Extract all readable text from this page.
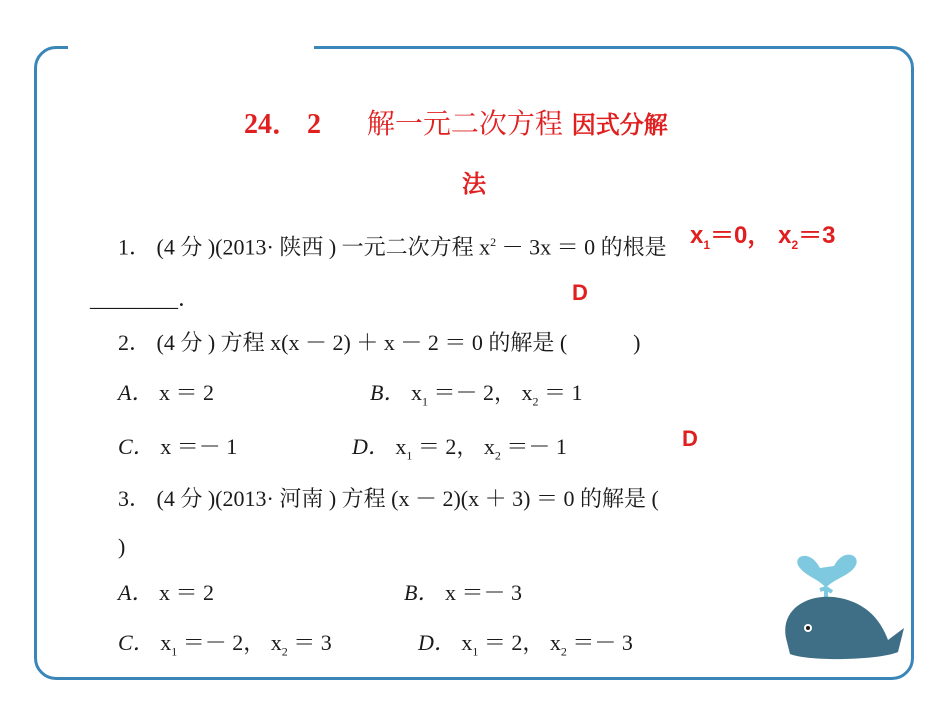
24． 2 解一元二次方程 因式分解
法
1． (4 分 )(2013· 陕西 ) 一元二次方程 $x^2 - 3x = 0$ 的根是 $x_1=0$， $x_2=3$
________．	D
2． (4 分 ) 方程 x(x － 2) ＋ x － 2 ＝ 0 的解是 (　　　)
A． x ＝ 2	B． $x_1 =- 2$， $x_2 = 1$
C． x ＝－ 1	D． $x_1 = 2$， $x_2 =- 1$	D
3． (4 分 )(2013· 河南 ) 方程 (x － 2)(x ＋ 3) ＝ 0 的解是 (
)
A． x ＝ 2	B． x ＝－ 3
C． $x_1 =- 2$， $x_2 = 3$	D． $x_1 = 2$， $x_2 =- 3$
